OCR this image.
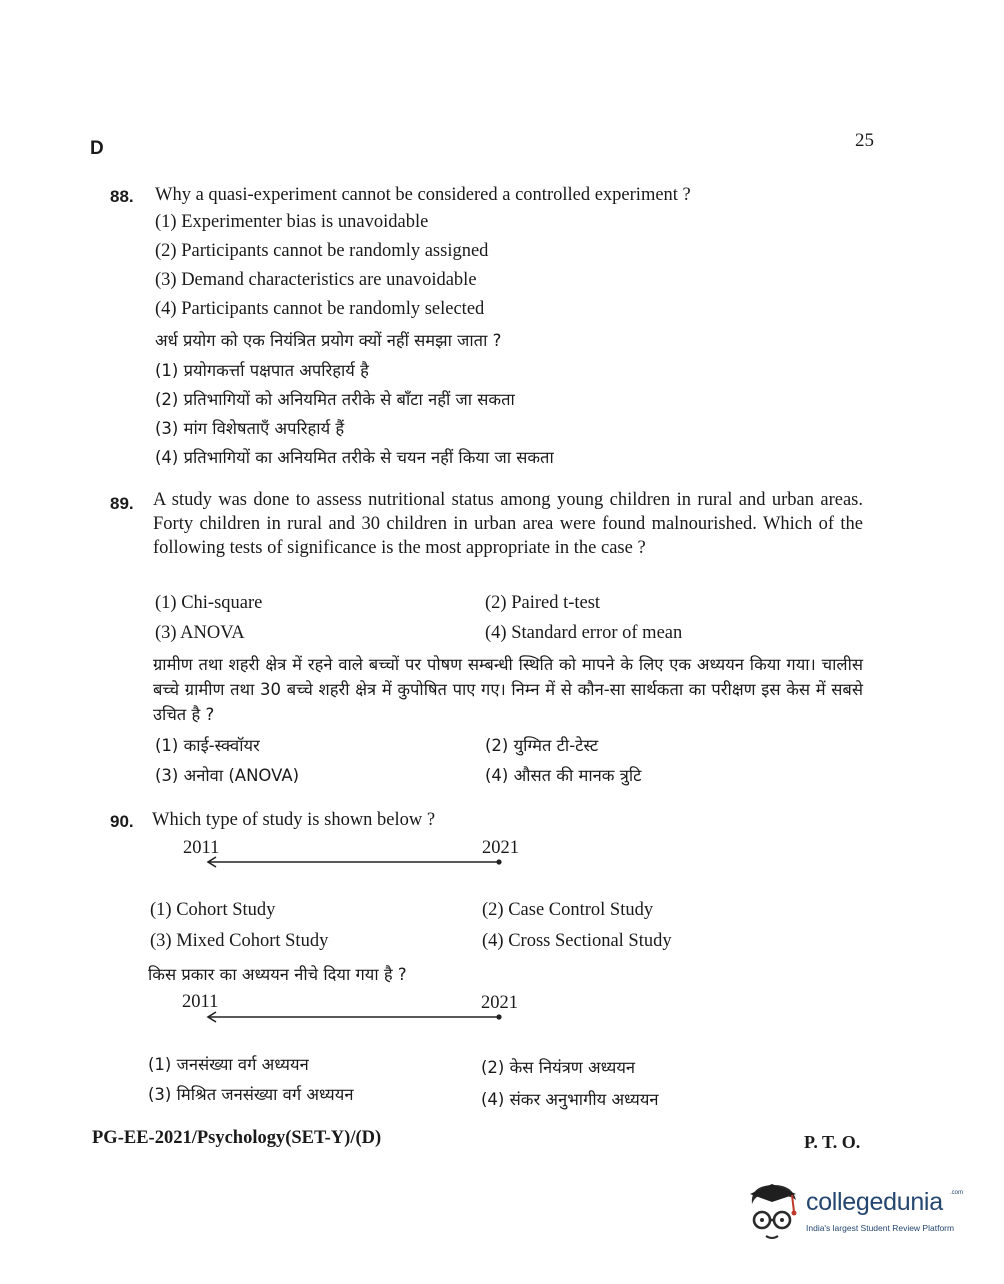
D	25
88. Why a quasi-experiment cannot be considered a controlled experiment ?
(1) Experimenter bias is unavoidable
(2) Participants cannot be randomly assigned
(3) Demand characteristics are unavoidable
(4) Participants cannot be randomly selected
अर्ध प्रयोग को एक नियंत्रित प्रयोग क्यों नहीं समझा जाता ?
(1) प्रयोगकर्त्ता पक्षपात अपरिहार्य है
(2) प्रतिभागियों को अनियमित तरीके से बाँटा नहीं जा सकता
(3) मांग विशेषताएँ अपरिहार्य हैं
(4) प्रतिभागियों का अनियमित तरीके से चयन नहीं किया जा सकता
89. A study was done to assess nutritional status among young children in rural and urban areas. Forty children in rural and 30 children in urban area were found malnourished. Which of the following tests of significance is the most appropriate in the case ?
(1) Chi-square	(2) Paired t-test
(3) ANOVA	(4) Standard error of mean
ग्रामीण तथा शहरी क्षेत्र में रहने वाले बच्चों पर पोषण सम्बन्धी स्थिति को मापने के लिए एक अध्ययन किया गया। चालीस बच्चे ग्रामीण तथा 30 बच्चे शहरी क्षेत्र में कुपोषित पाए गए। निम्न में से कौन-सा सार्थकता का परीक्षण इस केस में सबसे उचित है ?
(1) काई-स्क्वॉयर	(2) युग्मित टी-टेस्ट
(3) अनोवा (ANOVA)	(4) औसत की मानक त्रुटि
90. Which type of study is shown below ?
2011	2021
(1) Cohort Study	(2) Case Control Study
(3) Mixed Cohort Study	(4) Cross Sectional Study
किस प्रकार का अध्ययन नीचे दिया गया है ?
2011	2021
(1) जनसंख्या वर्ग अध्ययन	(2) केस नियंत्रण अध्ययन
(3) मिश्रित जनसंख्या वर्ग अध्ययन	(4) संकर अनुभागीय अध्ययन
PG-EE-2021/Psychology(SET-Y)/(D)	P. T. O.
collegedunia .com
India's largest Student Review Platform
